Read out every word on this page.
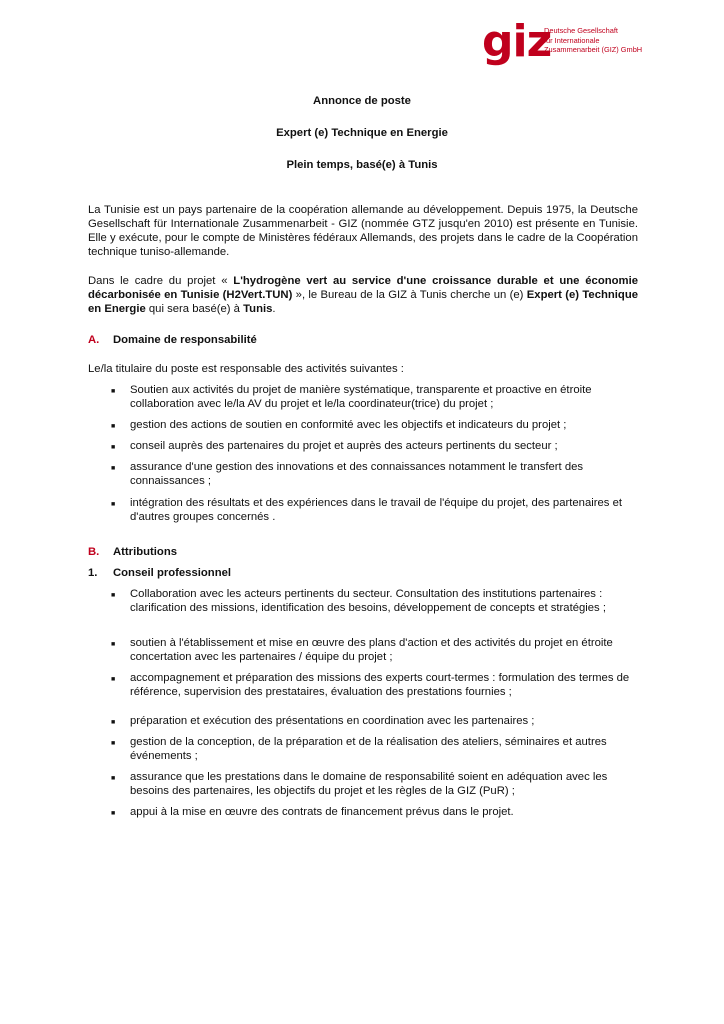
giz
Deutsche Gesellschaft
für Internationale
Zusammenarbeit (GIZ) GmbH
Annonce de poste
Expert (e) Technique en Energie
Plein temps, basé(e) à Tunis
La Tunisie est un pays partenaire de la coopération allemande au développement. Depuis 1975, la Deutsche Gesellschaft für Internationale Zusammenarbeit - GIZ (nommée GTZ jusqu'en 2010) est présente en Tunisie. Elle y exécute, pour le compte de Ministères fédéraux Allemands, des projets dans le cadre de la Coopération technique tuniso-allemande.
Dans le cadre du projet « L'hydrogène vert au service d'une croissance durable et une économie décarbonisée en Tunisie (H2Vert.TUN) », le Bureau de la GIZ à Tunis cherche un (e) Expert (e) Technique en Energie qui sera basé(e) à Tunis.
A. Domaine de responsabilité
Le/la titulaire du poste est responsable des activités suivantes :
■ Soutien aux activités du projet de manière systématique, transparente et proactive en étroite collaboration avec le/la AV du projet et le/la coordinateur(trice) du projet ;
■ gestion des actions de soutien en conformité avec les objectifs et indicateurs du projet ;
■ conseil auprès des partenaires du projet et auprès des acteurs pertinents du secteur ;
■ assurance d'une gestion des innovations et des connaissances notamment le transfert des connaissances ;
■ intégration des résultats et des expériences dans le travail de l'équipe du projet, des partenaires et d'autres groupes concernés .
B. Attributions
1. Conseil professionnel
■ Collaboration avec les acteurs pertinents du secteur. Consultation des institutions partenaires : clarification des missions, identification des besoins, développement de concepts et stratégies ;
■ soutien à l'établissement et mise en œuvre des plans d'action et des activités du projet en étroite concertation avec les partenaires / équipe du projet ;
■ accompagnement et préparation des missions des experts court-termes : formulation des termes de référence, supervision des prestataires, évaluation des prestations fournies ;
■ préparation et exécution des présentations en coordination avec les partenaires ;
■ gestion de la conception, de la préparation et de la réalisation des ateliers, séminaires et autres événements ;
■ assurance que les prestations dans le domaine de responsabilité soient en adéquation avec les besoins des partenaires, les objectifs du projet et les règles de la GIZ (PuR) ;
■ appui à la mise en œuvre des contrats de financement prévus dans le projet.
